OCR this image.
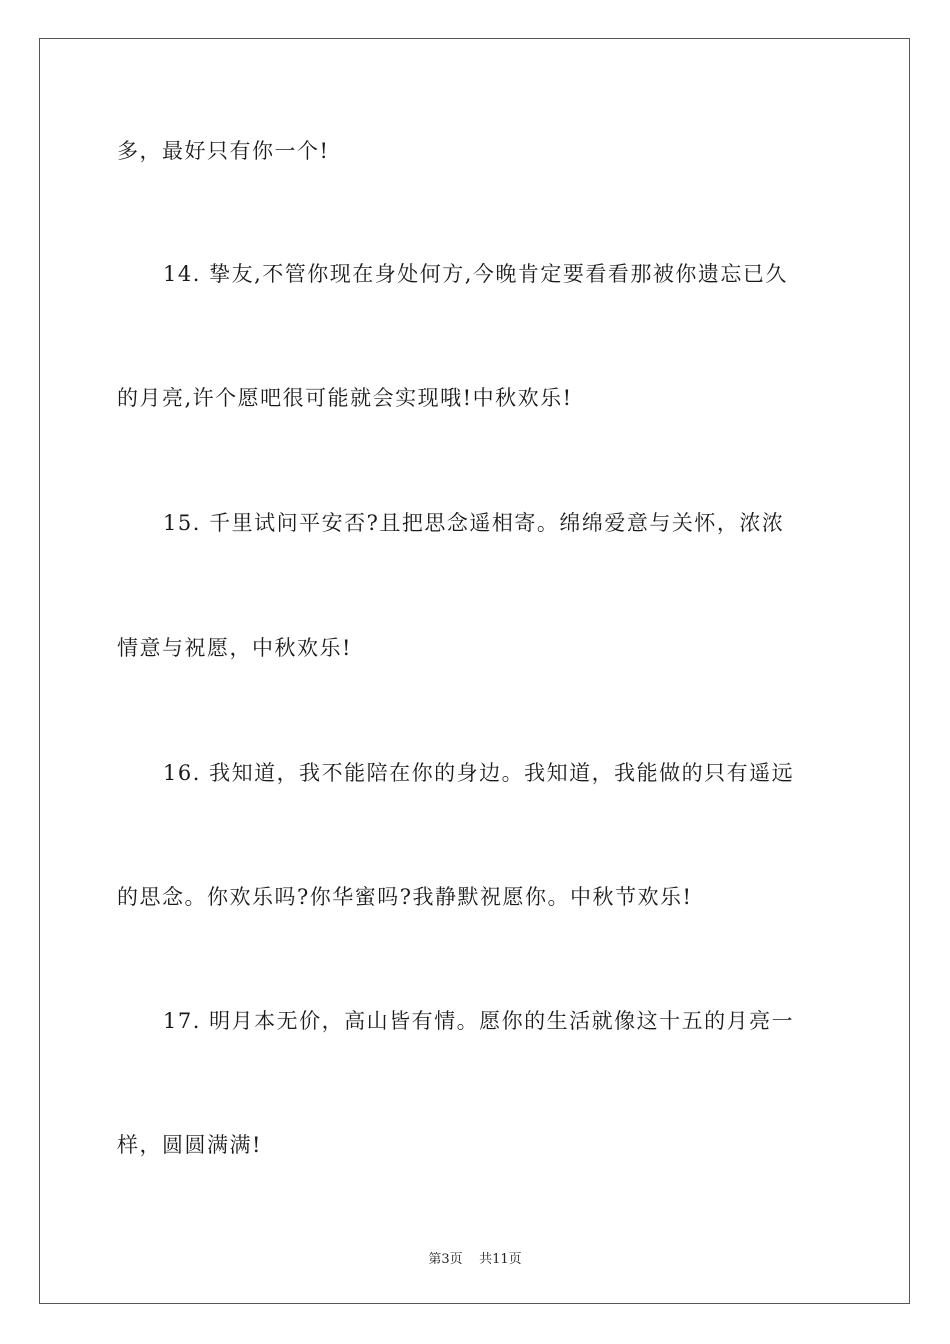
多，最好只有你一个!
14. 挚友,不管你现在身处何方,今晚肯定要看看那被你遗忘已久
的月亮,许个愿吧很可能就会实现哦!中秋欢乐!
15. 千里试问平安否?且把思念遥相寄。绵绵爱意与关怀，浓浓
情意与祝愿，中秋欢乐!
16. 我知道，我不能陪在你的身边。我知道，我能做的只有遥远
的思念。你欢乐吗?你华蜜吗?我静默祝愿你。中秋节欢乐!
17. 明月本无价，高山皆有情。愿你的生活就像这十五的月亮一
样，圆圆满满!
第3页 共11页
